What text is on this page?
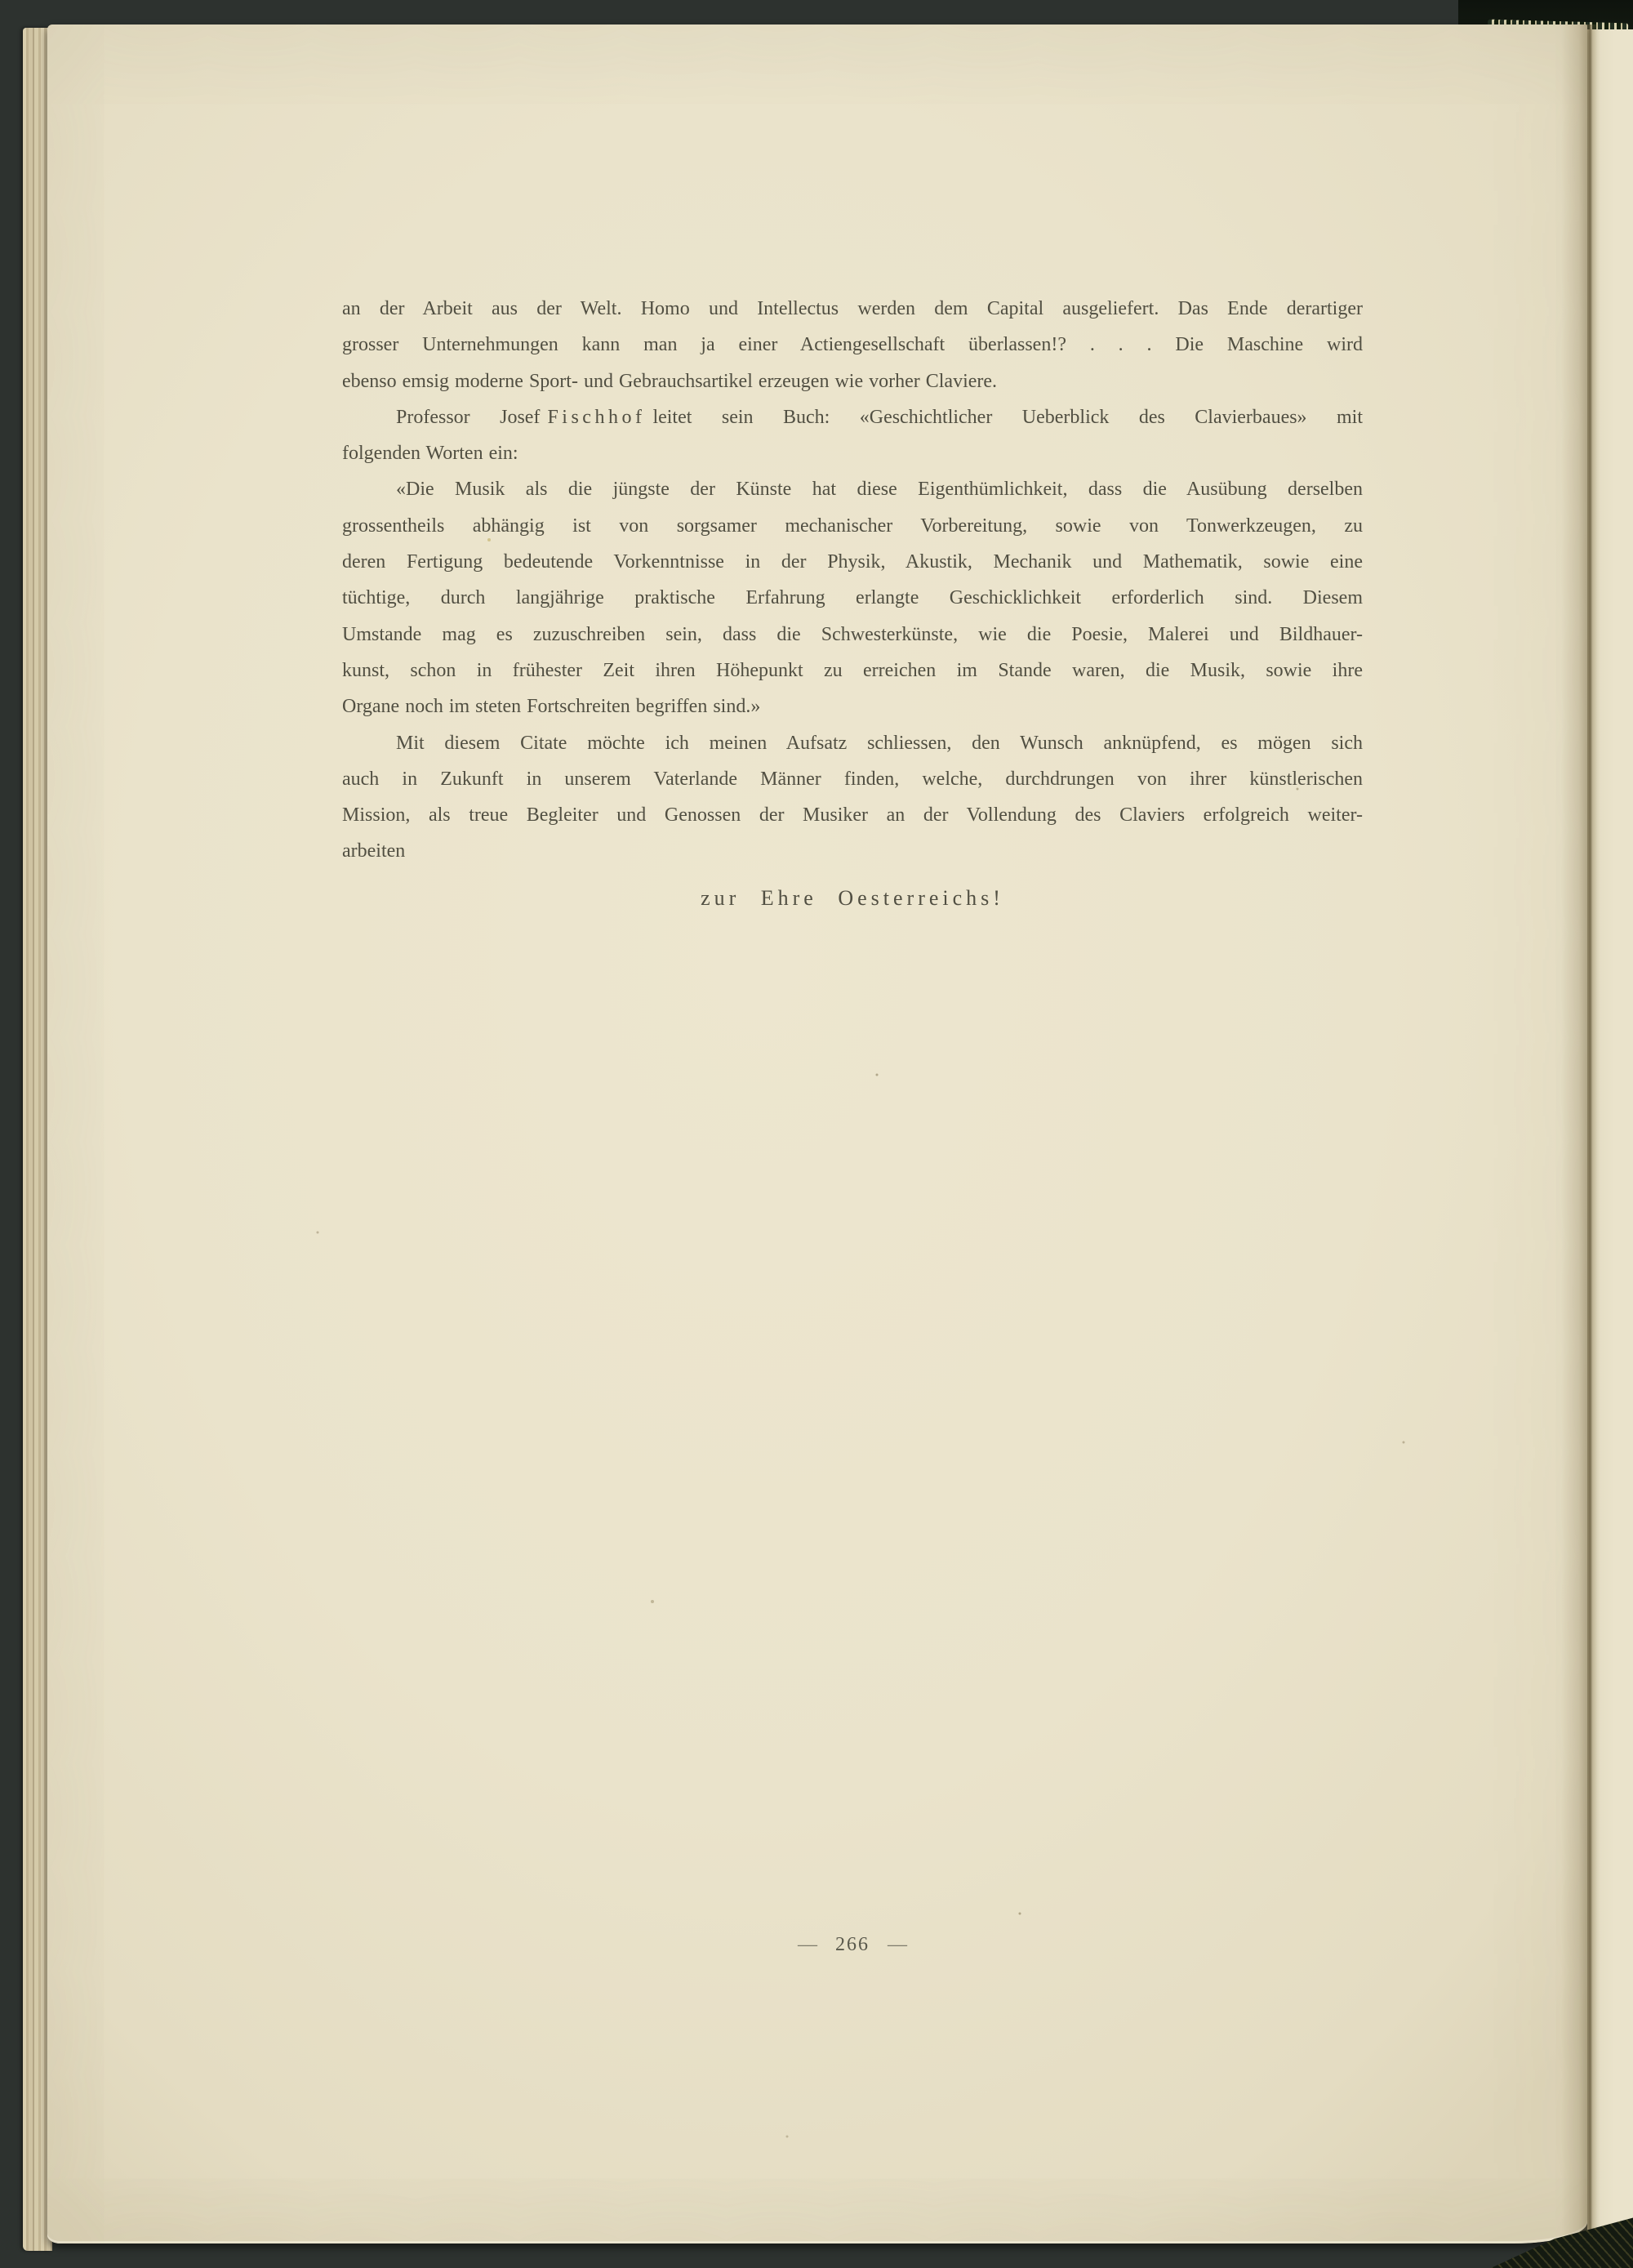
an der Arbeit aus der Welt. Homo und Intellectus werden dem Capital ausgeliefert. Das Ende derartiger
grosser Unternehmungen kann man ja einer Actiengesellschaft überlassen!? . . . Die Maschine wird
ebenso emsig moderne Sport- und Gebrauchsartikel erzeugen wie vorher Claviere.
Professor Josef Fischhof leitet sein Buch: «Geschichtlicher Ueberblick des Clavierbaues» mit
folgenden Worten ein:
«Die Musik als die jüngste der Künste hat diese Eigenthümlichkeit, dass die Ausübung derselben
grossentheils abhängig ist von sorgsamer mechanischer Vorbereitung, sowie von Tonwerkzeugen, zu
deren Fertigung bedeutende Vorkenntnisse in der Physik, Akustik, Mechanik und Mathematik, sowie eine
tüchtige, durch langjährige praktische Erfahrung erlangte Geschicklichkeit erforderlich sind. Diesem
Umstande mag es zuzuschreiben sein, dass die Schwesterkünste, wie die Poesie, Malerei und Bildhauer-
kunst, schon in frühester Zeit ihren Höhepunkt zu erreichen im Stande waren, die Musik, sowie ihre
Organe noch im steten Fortschreiten begriffen sind.»
Mit diesem Citate möchte ich meinen Aufsatz schliessen, den Wunsch anknüpfend, es mögen sich
auch in Zukunft in unserem Vaterlande Männer finden, welche, durchdrungen von ihrer künstlerischen
Mission, als treue Begleiter und Genossen der Musiker an der Vollendung des Claviers erfolgreich weiter-
arbeiten
zur Ehre Oesterreichs!
— 266 —
